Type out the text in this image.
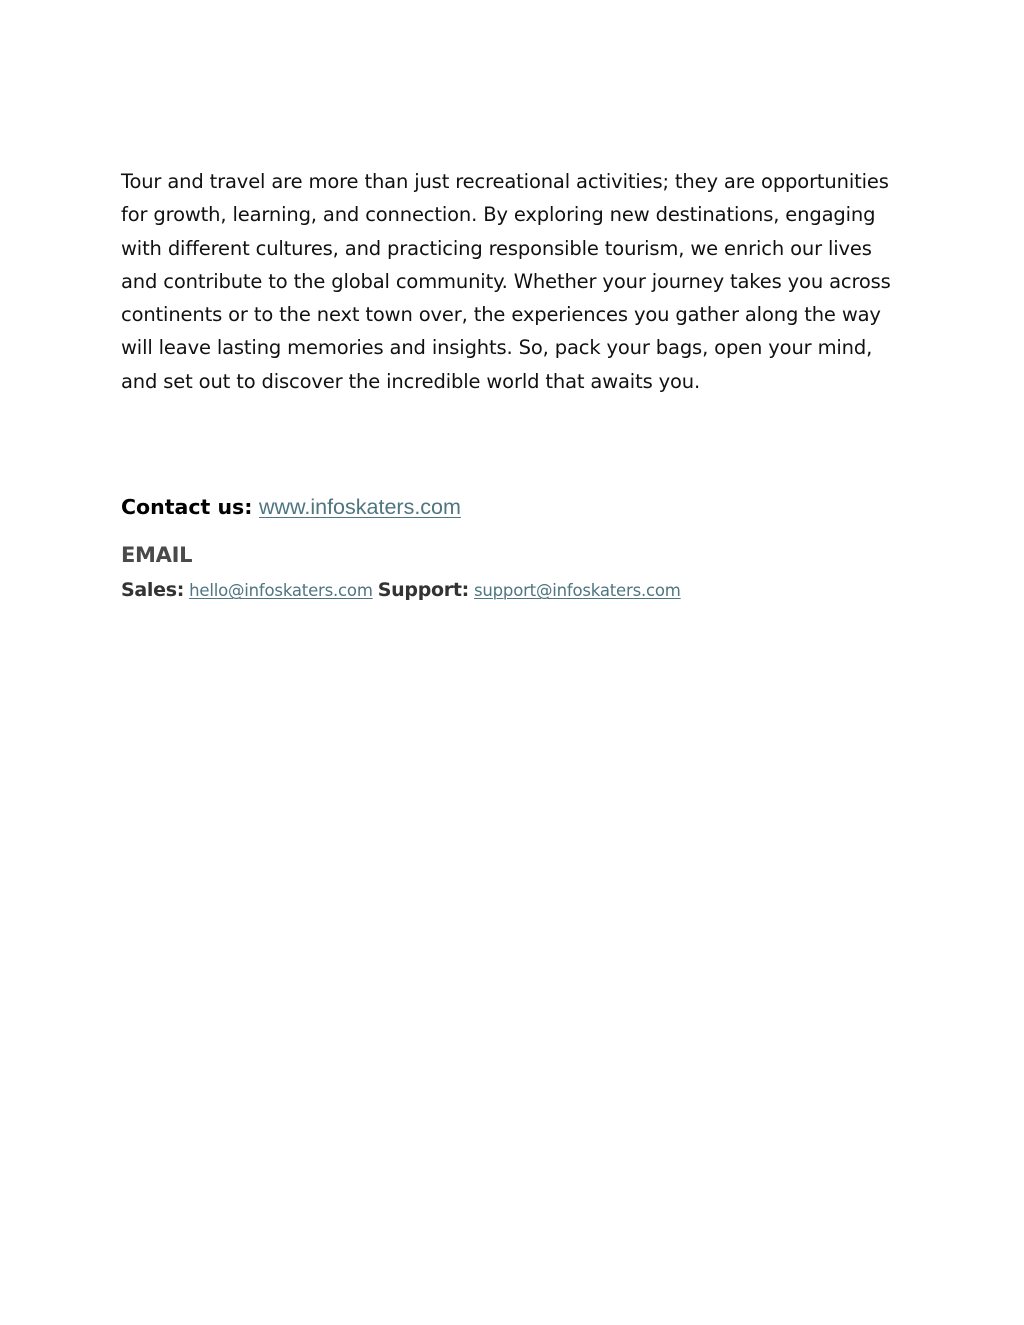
Tour and travel are more than just recreational activities; they are opportunities for growth, learning, and connection. By exploring new destinations, engaging with different cultures, and practicing responsible tourism, we enrich our lives and contribute to the global community. Whether your journey takes you across continents or to the next town over, the experiences you gather along the way will leave lasting memories and insights. So, pack your bags, open your mind, and set out to discover the incredible world that awaits you.

Contact us: www.infoskaters.com

EMAIL

Sales: hello@infoskaters.com Support: support@infoskaters.com
